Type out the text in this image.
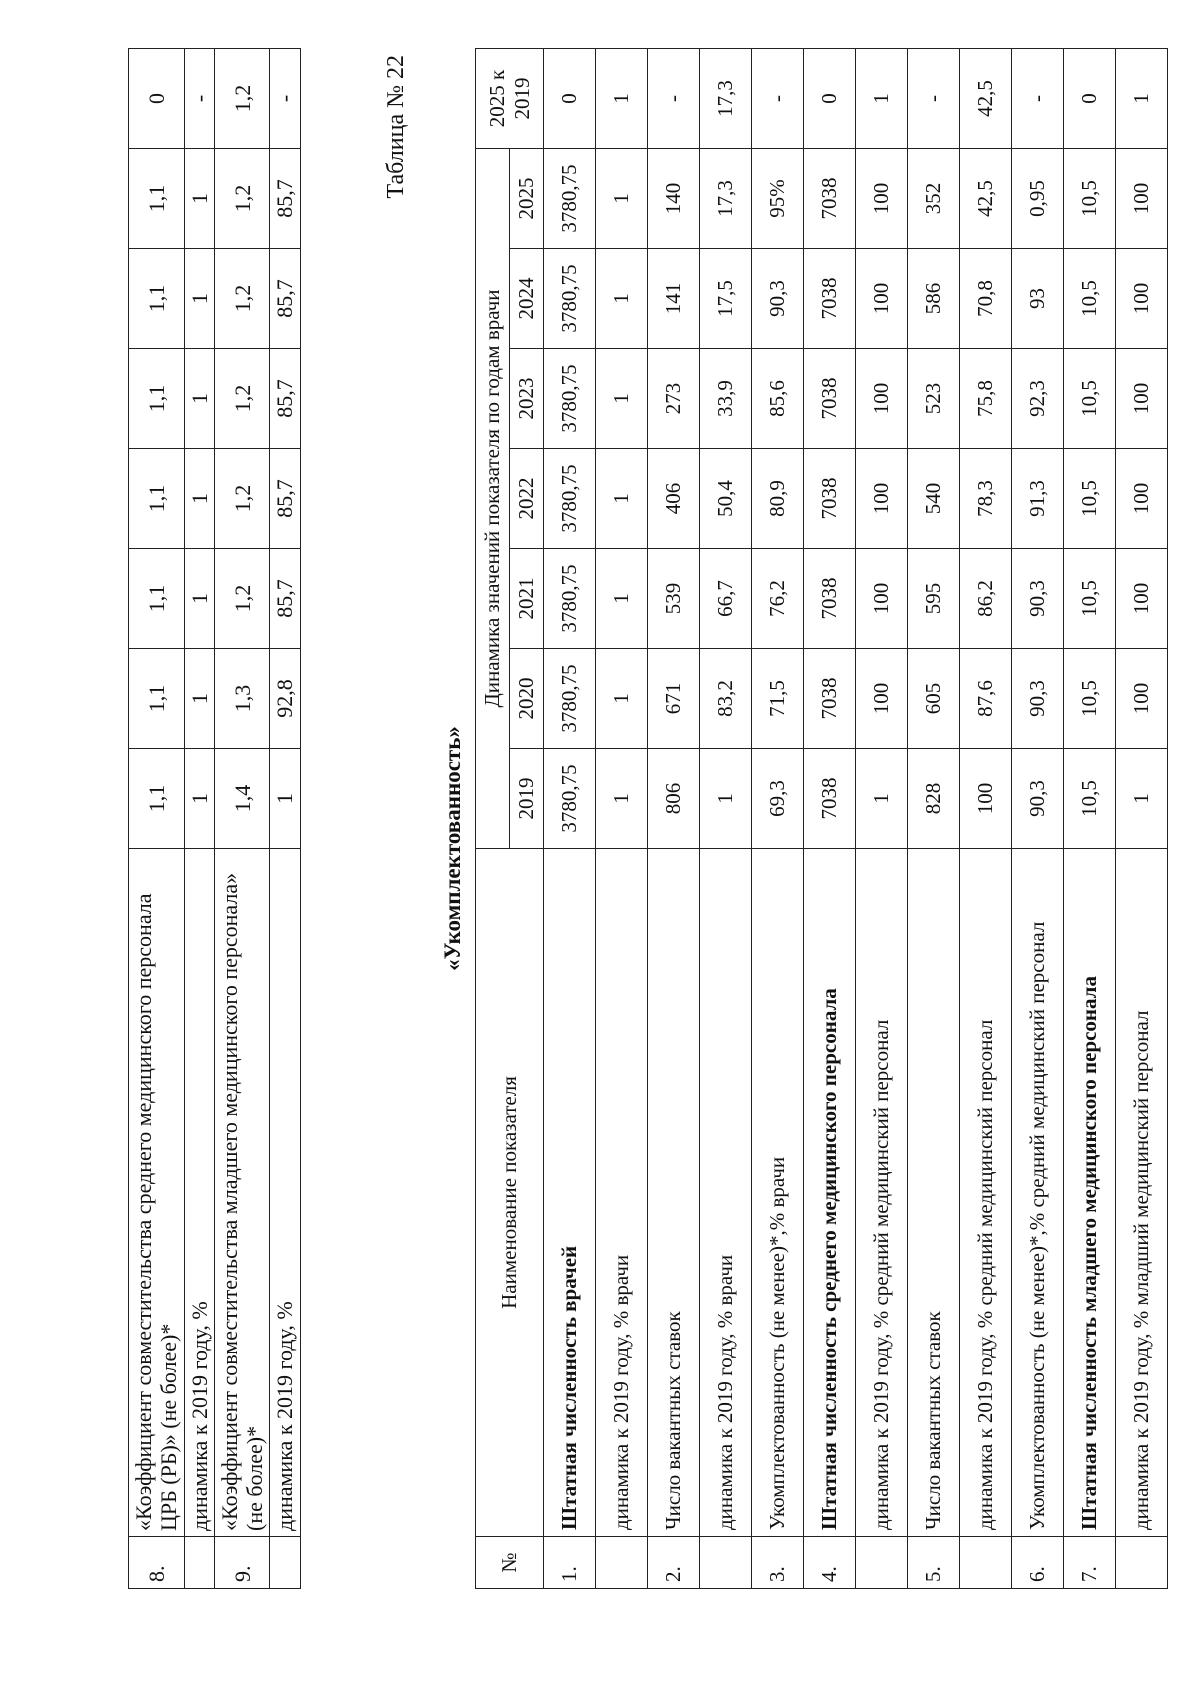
8.	«Коэффициент совместительства среднего медицинского персонала ЦРБ (РБ)» (не более)*	1,1	1,1	1,1	1,1	1,1	1,1	1,1	0
	динамика к 2019 году, %	1	1	1	1	1	1	1	-
9.	«Коэффициент совместительства младшего медицинского персонала» (не более)*	1,4	1,3	1,2	1,2	1,2	1,2	1,2	1,2
	динамика к 2019 году, %	1	92,8	85,7	85,7	85,7	85,7	85,7	-	Таблица № 22
«Укомплектованность»
№	Наименование показателя	Динамика значений показателя по годам врачи							2025 к 2019
		2019	2020	2021	2022	2023	2024	2025	
1.	Штатная численность врачей	3780,75	3780,75	3780,75	3780,75	3780,75	3780,75	3780,75	0
	динамика к 2019 году, % врачи	1	1	1	1	1	1	1	1
2.	Число вакантных ставок	806	671	539	406	273	141	140	-
	динамика к 2019 году, % врачи	1	83,2	66,7	50,4	33,9	17,5	17,3	17,3
3.	Укомплектованность (не менее)*,% врачи	69,3	71,5	76,2	80,9	85,6	90,3	95%	-
4.	Штатная численность среднего медицинского персонала	7038	7038	7038	7038	7038	7038	7038	0
	динамика к 2019 году, % средний медицинский персонал	1	100	100	100	100	100	100	1
5.	Число вакантных ставок	828	605	595	540	523	586	352	-
	динамика к 2019 году, % средний медицинский персонал	100	87,6	86,2	78,3	75,8	70,8	42,5	42,5
6.	Укомплектованность (не менее)*,% средний медицинский персонал	90,3	90,3	90,3	91,3	92,3	93	0,95	-
7.	Штатная численность младшего медицинского персонала	10,5	10,5	10,5	10,5	10,5	10,5	10,5	0
	динамика к 2019 году, % младший медицинский персонал	1	100	100	100	100	100	100	1
